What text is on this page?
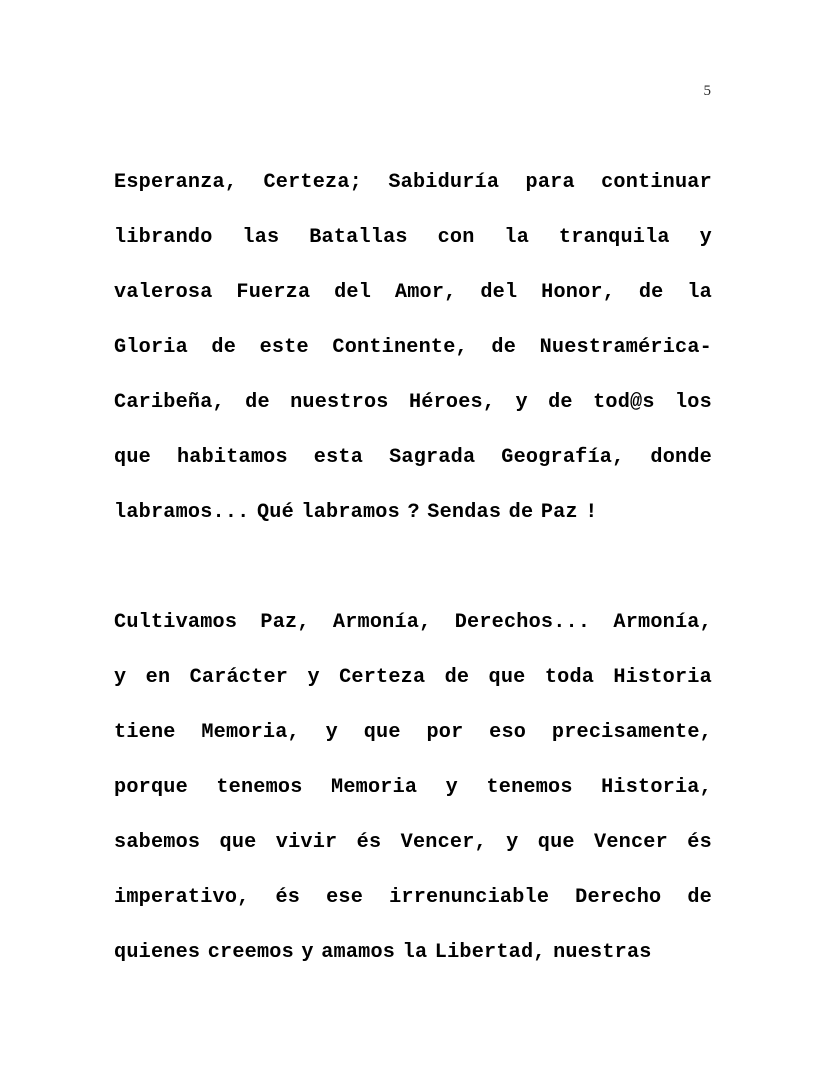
5
Esperanza, Certeza; Sabiduría para continuar
librando las Batallas con la tranquila y
valerosa Fuerza del Amor, del Honor, de la
Gloria de este Continente, de Nuestramérica-
Caribeña, de nuestros Héroes, y de tod@s los
que habitamos esta Sagrada Geografía, donde
labramos... Qué labramos ? Sendas de Paz !
Cultivamos Paz, Armonía, Derechos... Armonía,
y en Carácter y Certeza de que toda Historia
tiene Memoria, y que por eso precisamente,
porque tenemos Memoria y tenemos Historia,
sabemos que vivir és Vencer, y que Vencer és
imperativo, és ese irrenunciable Derecho de
quienes creemos y amamos la Libertad, nuestras
